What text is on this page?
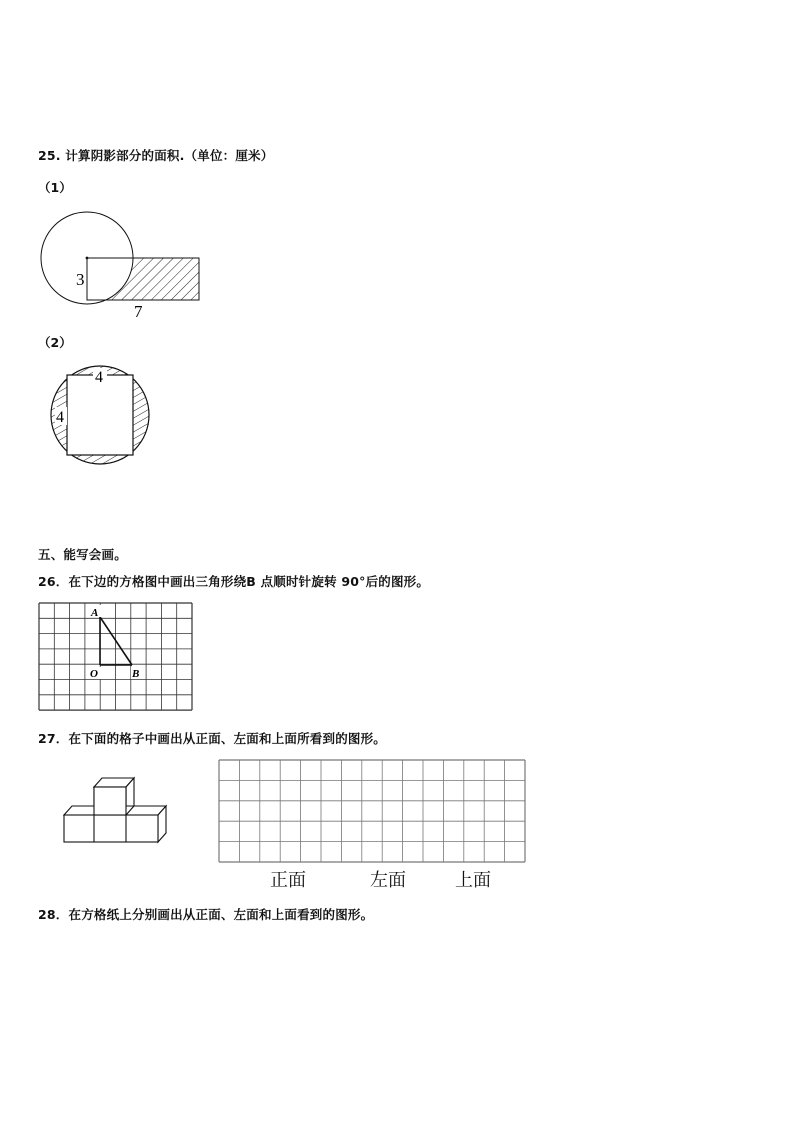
25. 计算阴影部分的面积.（单位：厘米）
（1）
3
7
（2）
4
4
五、能写会画。
26．在下边的方格图中画出三角形绕B 点顺时针旋转 90°后的图形。
A
O	B
27．在下面的格子中画出从正面、左面和上面所看到的图形。
正面	左面	上面
28．在方格纸上分别画出从正面、左面和上面看到的图形。
